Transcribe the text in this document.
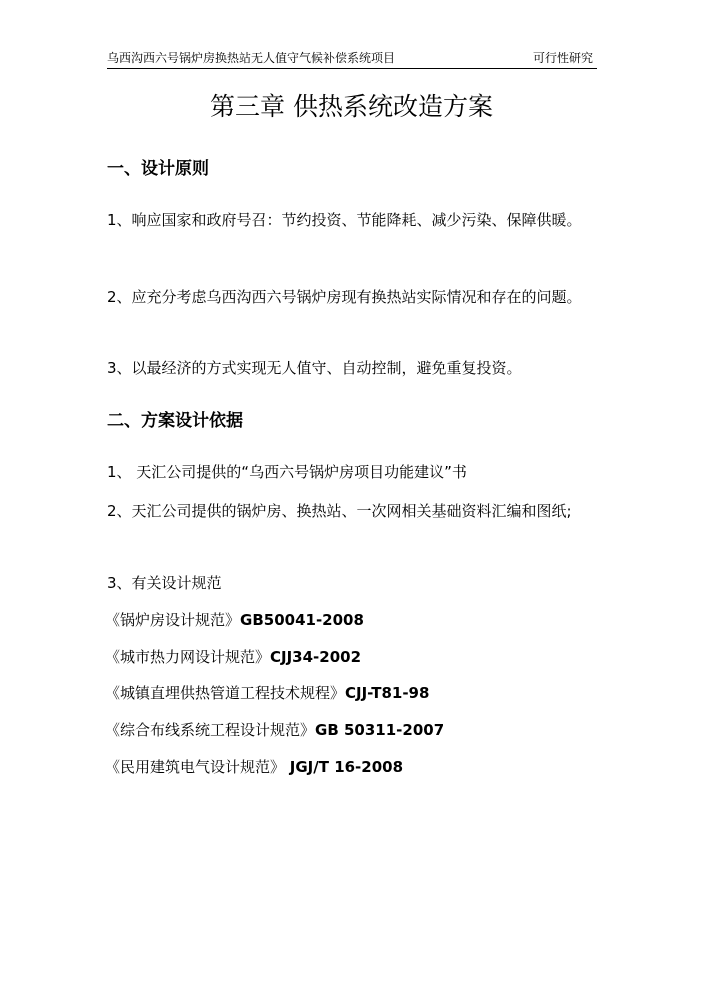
乌西沟西六号锅炉房换热站无人值守气候补偿系统项目	可行性研究
第三章 供热系统改造方案
一、设计原则
1、响应国家和政府号召：节约投资、节能降耗、减少污染、保障供暖。
2、应充分考虑乌西沟西六号锅炉房现有换热站实际情况和存在的问题。
3、以最经济的方式实现无人值守、自动控制，避免重复投资。
二、方案设计依据
1、 天汇公司提供的“乌西六号锅炉房项目功能建议”书
2、天汇公司提供的锅炉房、换热站、一次网相关基础资料汇编和图纸;
3、有关设计规范
《锅炉房设计规范》GB50041-2008
《城市热力网设计规范》CJJ34-2002
《城镇直埋供热管道工程技术规程》CJJ-T81-98
《综合布线系统工程设计规范》GB 50311-2007
《民用建筑电气设计规范》 JGJ/T 16-2008
